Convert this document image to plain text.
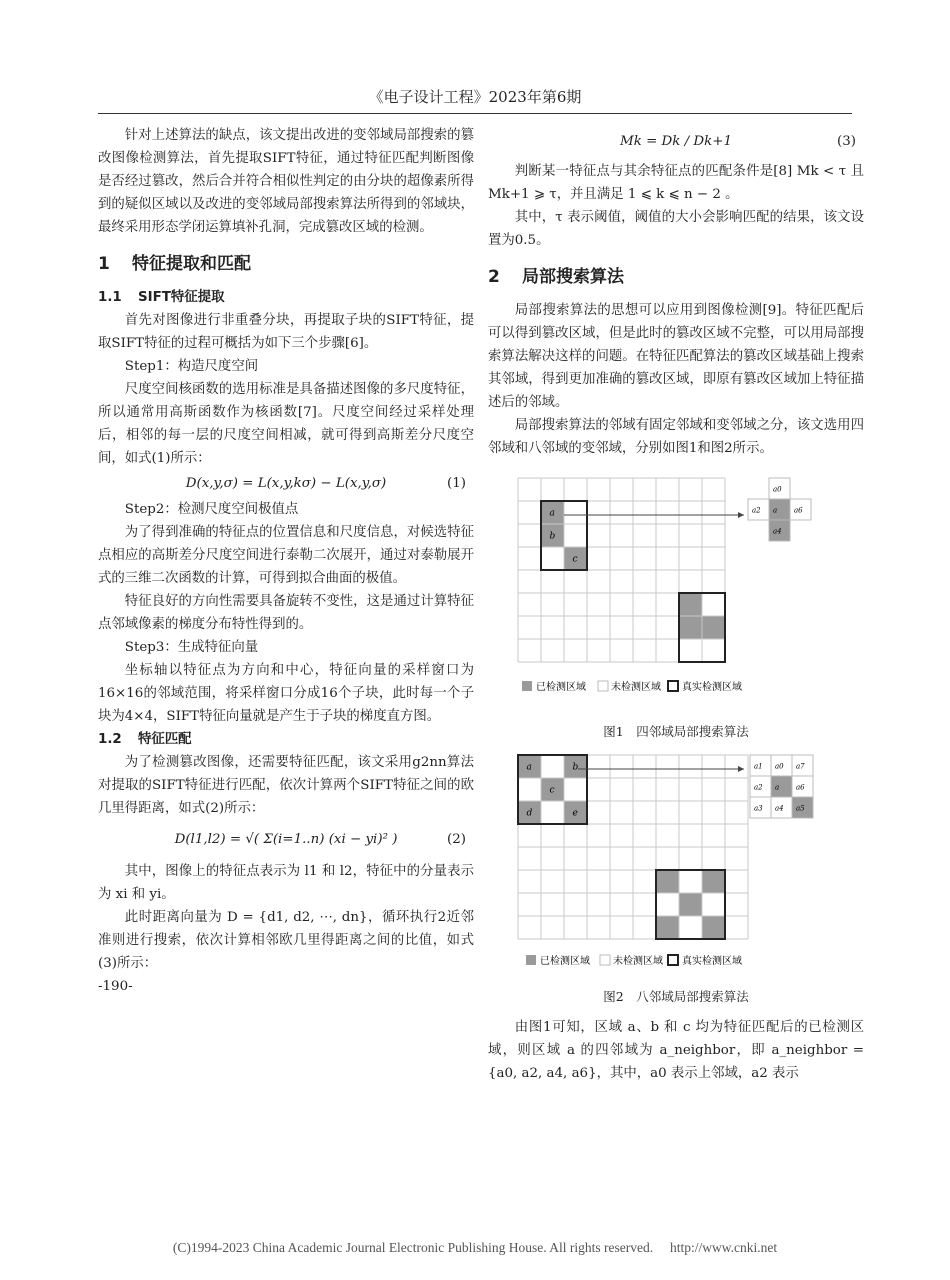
《电子设计工程》2023年第6期

针对上述算法的缺点，该文提出改进的变邻域局部搜索的篡改图像检测算法，首先提取SIFT特征，通过特征匹配判断图像是否经过篡改，然后合并符合相似性判定的由分块的超像素所得到的疑似区域以及改进的变邻域局部搜索算法所得到的邻域块，最终采用形态学闭运算填补孔洞，完成篡改区域的检测。

1 特征提取和匹配
1.1 SIFT特征提取

首先对图像进行非重叠分块，再提取子块的SIFT特征，提取SIFT特征的过程可概括为如下三个步骤[6]。

Step1：构造尺度空间

尺度空间核函数的选用标准是具备描述图像的多尺度特征，所以通常用高斯函数作为核函数[7]。尺度空间经过采样处理后，相邻的每一层的尺度空间相减，就可得到高斯差分尺度空间，如式(1)所示：

D(x,y,σ) = L(x,y,kσ) − L(x,y,σ)	(1)

Step2：检测尺度空间极值点

为了得到准确的特征点的位置信息和尺度信息，对候选特征点相应的高斯差分尺度空间进行泰勒二次展开，通过对泰勒展开式的三维二次函数的计算，可得到拟合曲面的极值。

特征良好的方向性需要具备旋转不变性，这是通过计算特征点邻域像素的梯度分布特性得到的。

Step3：生成特征向量

坐标轴以特征点为方向和中心，特征向量的采样窗口为16×16的邻域范围，将采样窗口分成16个子块，此时每一个子块为4×4，SIFT特征向量就是产生于子块的梯度直方图。

1.2 特征匹配

为了检测篡改图像，还需要特征匹配，该文采用g2nn算法对提取的SIFT特征进行匹配，依次计算两个SIFT特征之间的欧几里得距离，如式(2)所示：

D(l1,l2) = √( Σ(i=1..n) (xi − yi)² )	(2)

其中，图像上的特征点表示为 l1 和 l2，特征中的分量表示为 xi 和 yi。

此时距离向量为 D = {d1, d2, ⋯, dn}，循环执行2近邻准则进行搜索，依次计算相邻欧几里得距离之间的比值，如式(3)所示：

-190-

Mk = Dk / Dk+1	(3)

判断某一特征点与其余特征点的匹配条件是[8] Mk < τ 且 Mk+1 ⩾ τ，并且满足 1 ⩽ k ⩽ n − 2 。

其中，τ 表示阈值，阈值的大小会影响匹配的结果，该文设置为0.5。

2 局部搜索算法

局部搜索算法的思想可以应用到图像检测[9]。特征匹配后可以得到篡改区域，但是此时的篡改区域不完整，可以用局部搜索算法解决这样的问题。在特征匹配算法的篡改区域基础上搜索其邻域，得到更加准确的篡改区域，即原有篡改区域加上特征描述后的邻域。

局部搜索算法的邻域有固定邻域和变邻域之分，该文选用四邻域和八邻域的变邻域，分别如图1和图2所示。

a
b
c
a0
a2 a a6
a4
已检测区域	未检测区域 真实检测区域
图1　四邻域局部搜索算法
a	b
c
d	e
a1 a0 a7
a2 a a6
a3 a4 a5
已检测区域 未检测区域 真实检测区域
图2　八邻域局部搜索算法

由图1可知，区域 a、b 和 c 均为特征匹配后的已检测区域，则区域 a 的四邻域为 a_neighbor，即 a_neighbor = {a0, a2, a4, a6}，其中，a0 表示上邻域，a2 表示

(C)1994-2023 China Academic Journal Electronic Publishing House. All rights reserved.　 http://www.cnki.net
